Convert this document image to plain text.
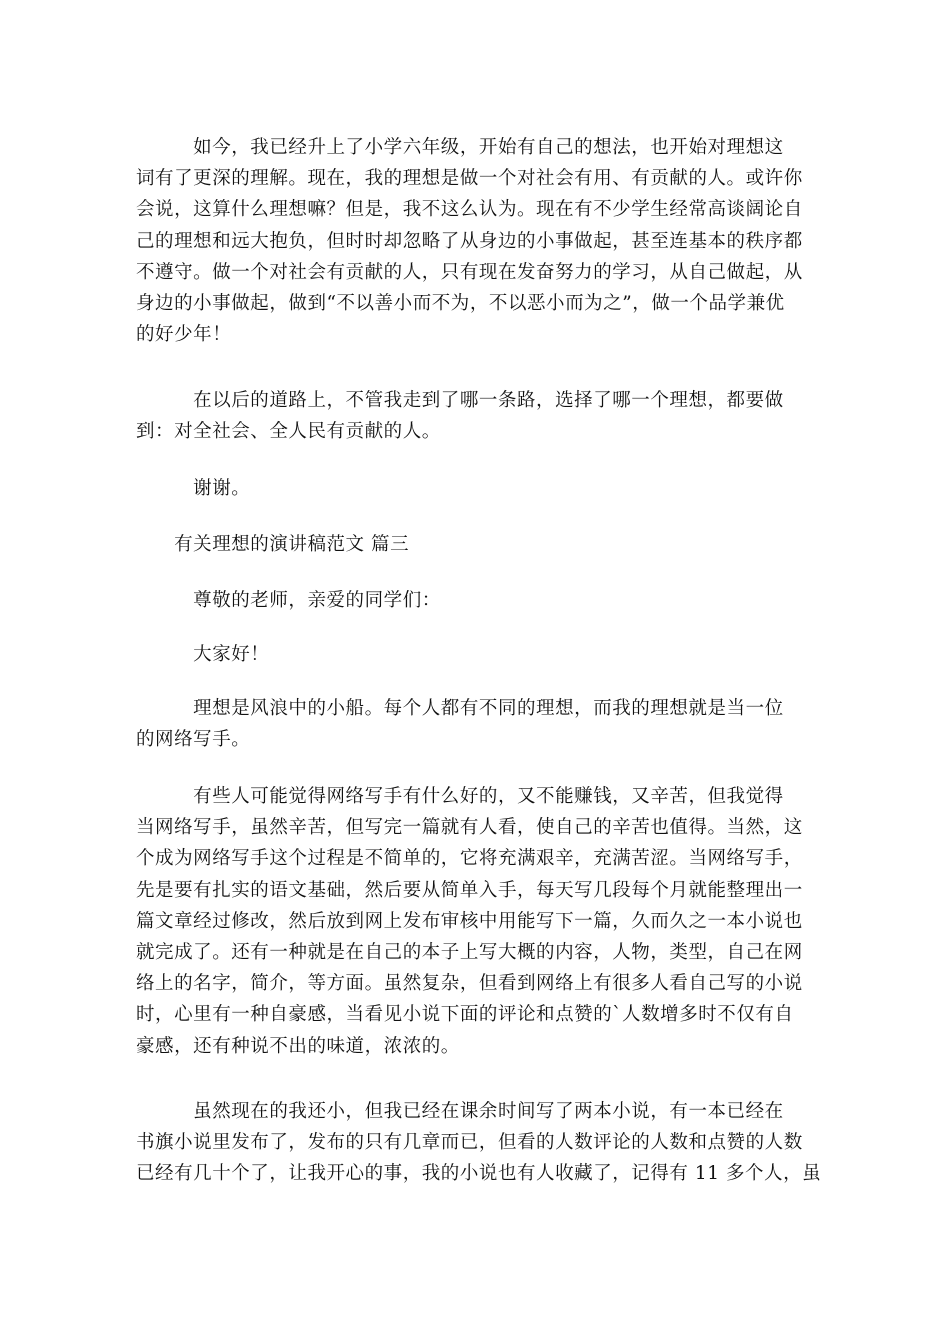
　　　如今，我已经升上了小学六年级，开始有自己的想法，也开始对理想这
词有了更深的理解。现在，我的理想是做一个对社会有用、有贡献的人。或许你
会说，这算什么理想嘛？但是，我不这么认为。现在有不少学生经常高谈阔论自
己的理想和远大抱负，但时时却忽略了从身边的小事做起，甚至连基本的秩序都
不遵守。做一个对社会有贡献的人，只有现在发奋努力的学习，从自己做起，从
身边的小事做起，做到“不以善小而不为，不以恶小而为之”，做一个品学兼优
的好少年！
　　　在以后的道路上，不管我走到了哪一条路，选择了哪一个理想，都要做
到：对全社会、全人民有贡献的人。
　　　谢谢。
　　有关理想的演讲稿范文 篇三
　　　尊敬的老师，亲爱的同学们：
　　　大家好！
　　　理想是风浪中的小船。每个人都有不同的理想，而我的理想就是当一位
的网络写手。
　　　有些人可能觉得网络写手有什么好的，又不能赚钱，又辛苦，但我觉得
当网络写手，虽然辛苦，但写完一篇就有人看，使自己的辛苦也值得。当然，这
个成为网络写手这个过程是不简单的，它将充满艰辛，充满苦涩。当网络写手，
先是要有扎实的语文基础，然后要从简单入手，每天写几段每个月就能整理出一
篇文章经过修改，然后放到网上发布审核中用能写下一篇，久而久之一本小说也
就完成了。还有一种就是在自己的本子上写大概的内容，人物，类型，自己在网
络上的名字，简介，等方面。虽然复杂，但看到网络上有很多人看自己写的小说
时，心里有一种自豪感，当看见小说下面的评论和点赞的`人数增多时不仅有自
豪感，还有种说不出的味道，浓浓的。
　　　虽然现在的我还小，但我已经在课余时间写了两本小说，有一本已经在
书旗小说里发布了，发布的只有几章而已，但看的人数评论的人数和点赞的人数
已经有几十个了，让我开心的事，我的小说也有人收藏了，记得有 11 多个人，虽
